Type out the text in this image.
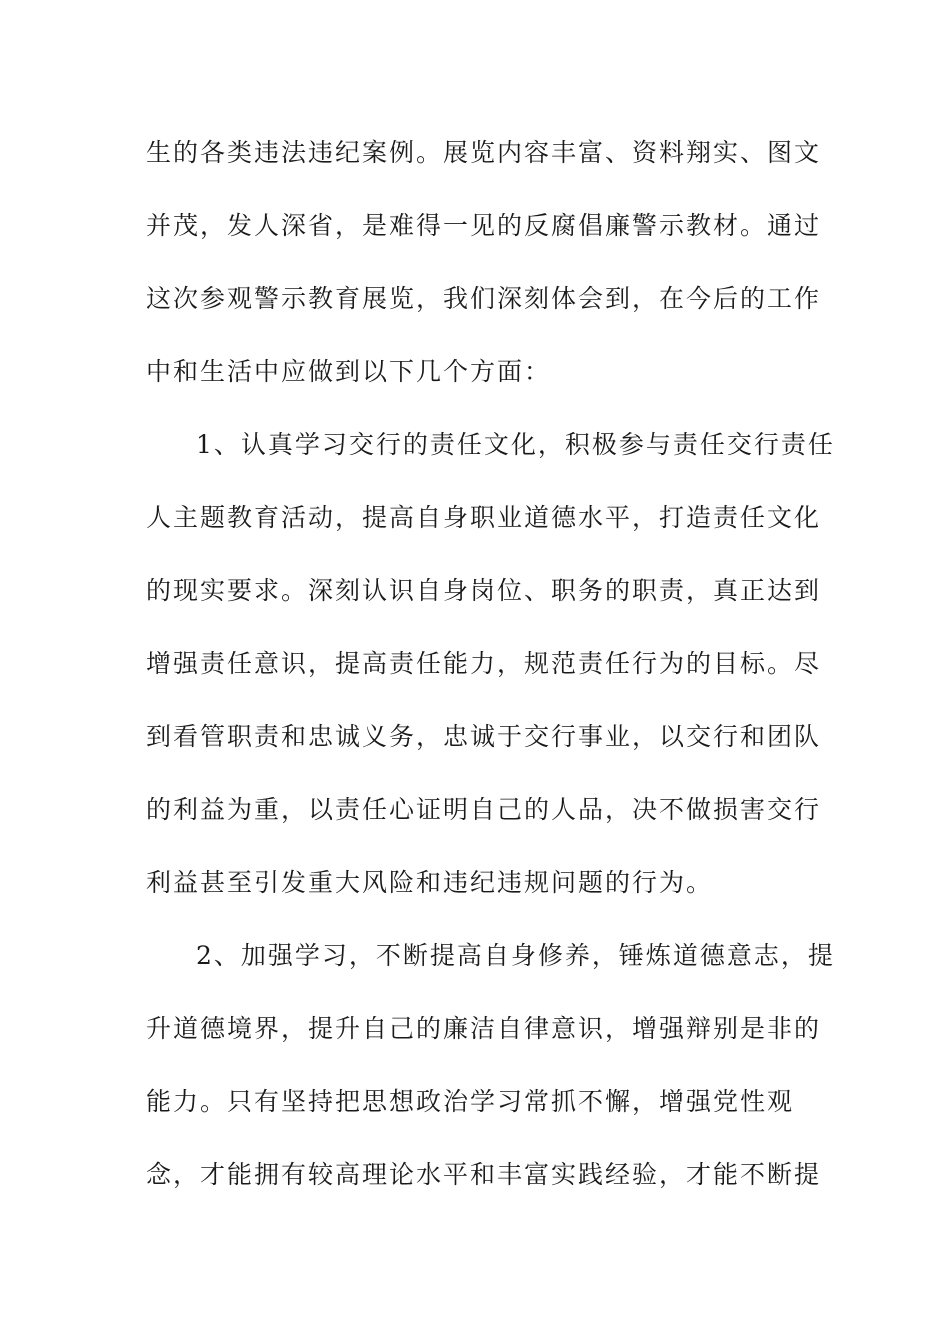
生的各类违法违纪案例。展览内容丰富、资料翔实、图文
并茂，发人深省，是难得一见的反腐倡廉警示教材。通过
这次参观警示教育展览，我们深刻体会到，在今后的工作
中和生活中应做到以下几个方面：
1、认真学习交行的责任文化，积极参与责任交行责任
人主题教育活动，提高自身职业道德水平，打造责任文化
的现实要求。深刻认识自身岗位、职务的职责，真正达到
增强责任意识，提高责任能力，规范责任行为的目标。尽
到看管职责和忠诚义务，忠诚于交行事业，以交行和团队
的利益为重，以责任心证明自己的人品，决不做损害交行
利益甚至引发重大风险和违纪违规问题的行为。
2、加强学习，不断提高自身修养，锤炼道德意志，提
升道德境界，提升自己的廉洁自律意识，增强辩别是非的
能力。只有坚持把思想政治学习常抓不懈，增强党性观
念，才能拥有较高理论水平和丰富实践经验，才能不断提
